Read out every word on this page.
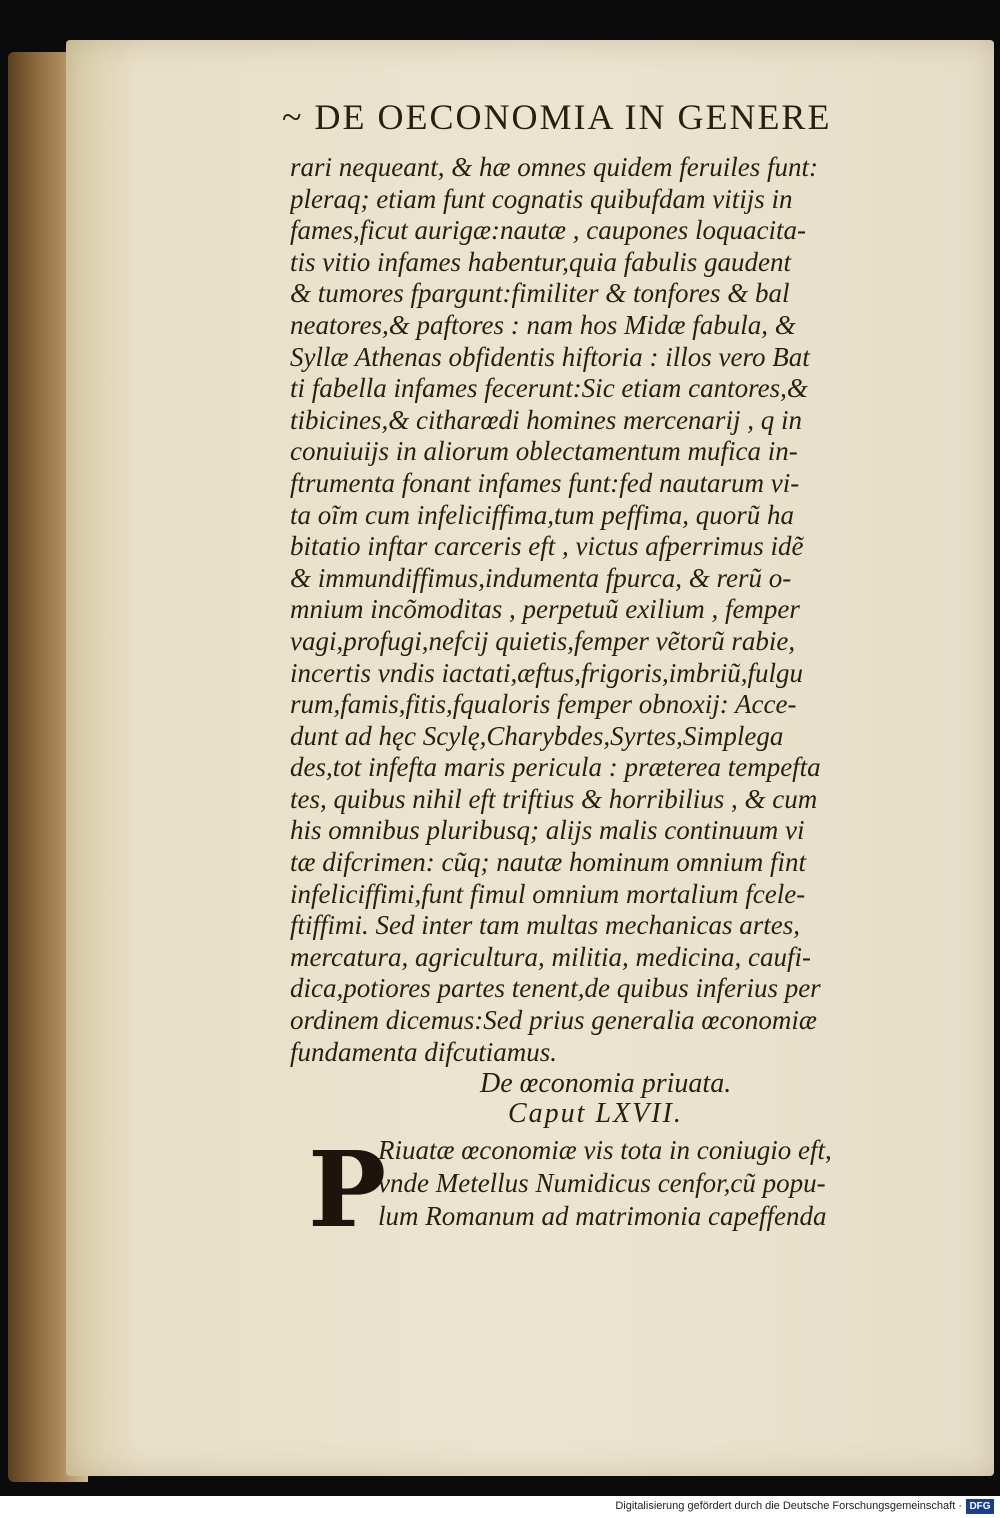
~ DE OECONOMIA IN GENERE
rari nequeant, & hæ omnes quidem feruiles funt:
pleraq; etiam funt cognatis quibufdam vitijs in
fames,ficut aurigæ:nautæ , caupones loquacita-
tis vitio infames habentur,quia fabulis gaudent
& tumores fpargunt:fimiliter & tonfores & bal
neatores,& paftores : nam hos Midæ fabula, &
Syllæ Athenas obfidentis hiftoria : illos vero Bat
ti fabella infames fecerunt:Sic etiam cantores,&
tibicines,& citharœdi homines mercenarij , q in
conuiuijs in aliorum oblectamentum mufica in-
ftrumenta fonant infames funt:fed nautarum vi-
ta oĩm cum infeliciffima,tum peffima, quorũ ha
bitatio inftar carceris eft , victus afperrimus idẽ
& immundiffimus,indumenta fpurca, & rerũ o-
mnium incõmoditas , perpetuũ exilium , femper
vagi,profugi,nefcij quietis,femper vẽtorũ rabie,
incertis vndis iactati,æftus,frigoris,imbriũ,fulgu
rum,famis,fitis,fqualoris femper obnoxij: Acce-
dunt ad hęc Scylę,Charybdes,Syrtes,Simplega
des,tot infefta maris pericula : præterea tempefta
tes, quibus nihil eft triftius & horribilius , & cum
his omnibus pluribusq; alijs malis continuum vi
tæ difcrimen: cũq; nautæ hominum omnium fint
infeliciffimi,funt fimul omnium mortalium fcele-
ftiffimi. Sed inter tam multas mechanicas artes,
mercatura, agricultura, militia, medicina, caufi-
dica,potiores partes tenent,de quibus inferius per
ordinem dicemus:Sed prius generalia œconomiæ
fundamenta difcutiamus.
De œconomia priuata.
Caput LXVII.
P
Riuatæ œconomiæ vis tota in coniugio eft,
vnde Metellus Numidicus cenfor,cũ popu-
lum Romanum ad matrimonia capeffenda
Digitalisierung gefördert durch die Deutsche Forschungsgemeinschaft · DFG
